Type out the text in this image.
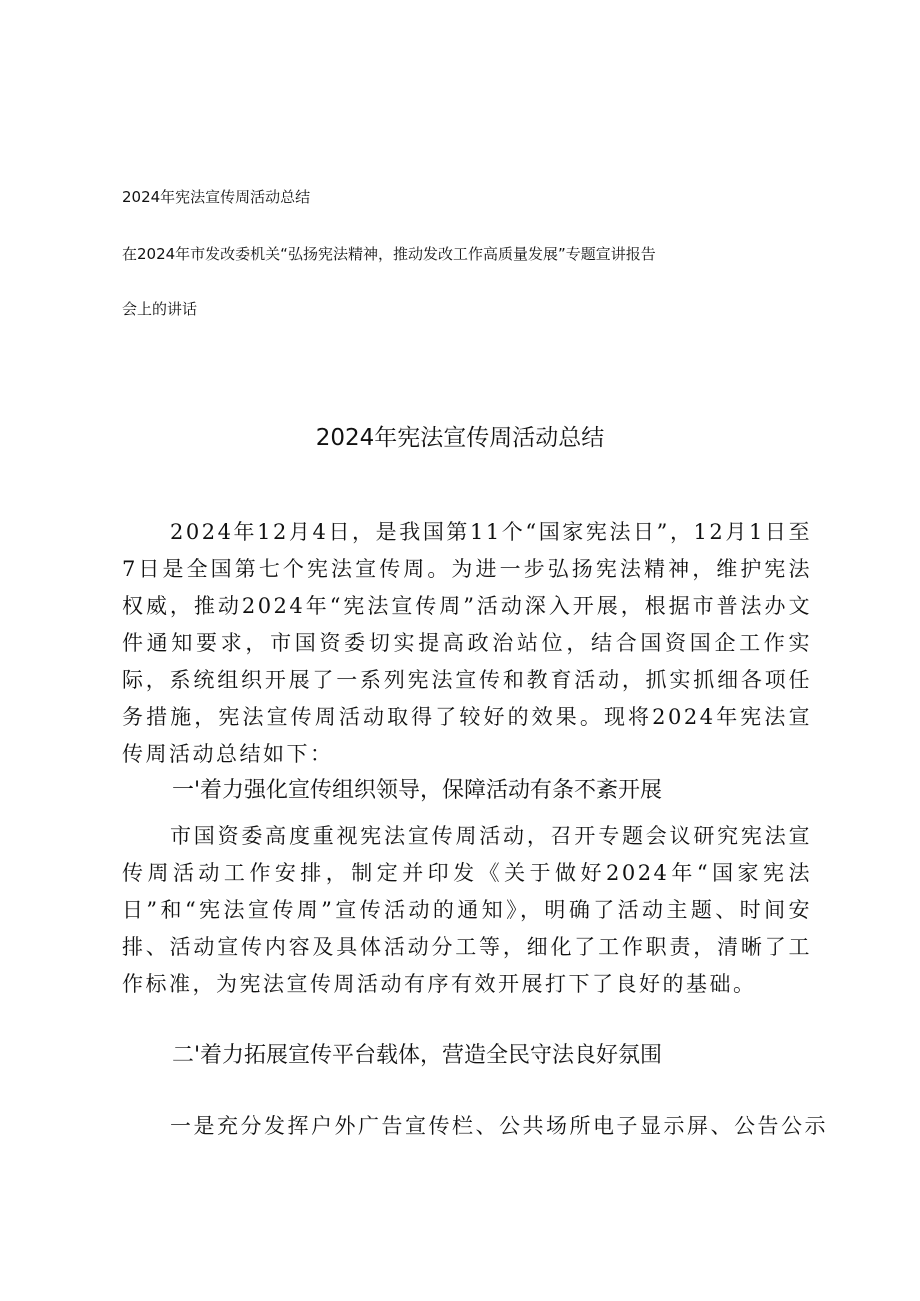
2024年宪法宣传周活动总结
在2024年市发改委机关“弘扬宪法精神，推动发改工作高质量发展”专题宣讲报告
会上的讲话
2024年宪法宣传周活动总结
2024年12月4日，是我国第11个“国家宪法日”，12月1日至7日是全国第七个宪法宣传周。为进一步弘扬宪法精神，维护宪法权威，推动2024年“宪法宣传周”活动深入开展，根据市普法办文件通知要求，市国资委切实提高政治站位，结合国资国企工作实际，系统组织开展了一系列宪法宣传和教育活动，抓实抓细各项任务措施，宪法宣传周活动取得了较好的效果。现将2024年宪法宣传周活动总结如下：
一'着力强化宣传组织领导，保障活动有条不紊开展
市国资委高度重视宪法宣传周活动，召开专题会议研究宪法宣传周活动工作安排，制定并印发《关于做好2024年“国家宪法日”和“宪法宣传周”宣传活动的通知》，明确了活动主题、时间安排、活动宣传内容及具体活动分工等，细化了工作职责，清晰了工作标准，为宪法宣传周活动有序有效开展打下了良好的基础。
二'着力拓展宣传平台载体，营造全民守法良好氛围
一是充分发挥户外广告宣传栏、公共场所电子显示屏、公告公示
